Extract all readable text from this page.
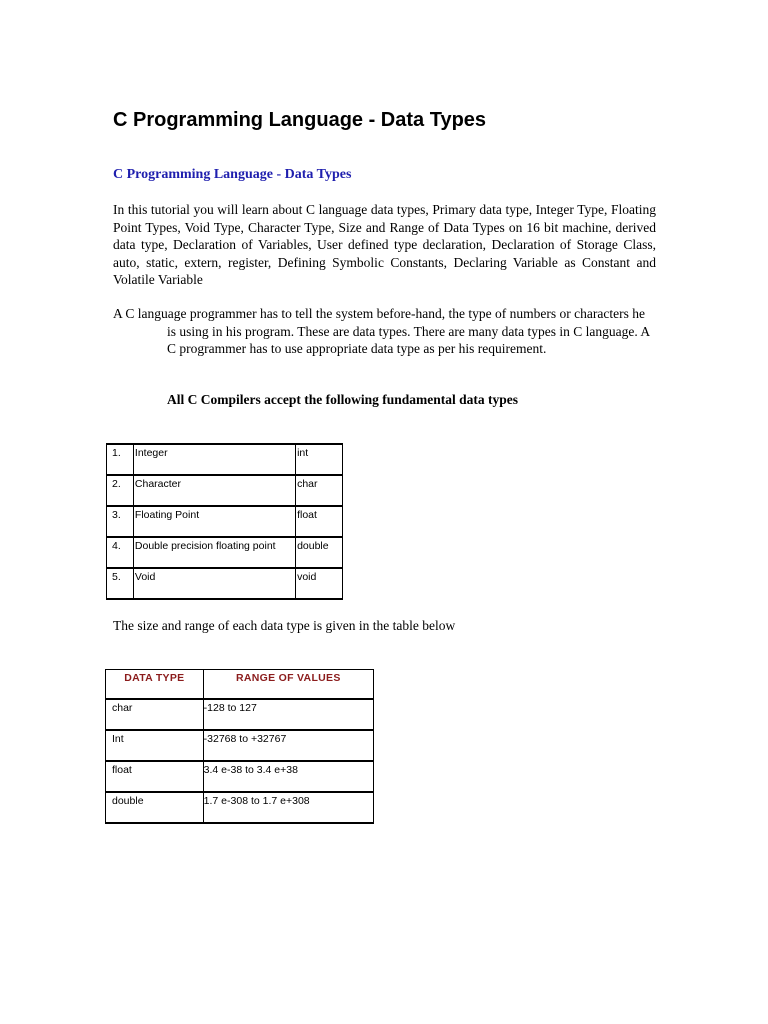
C Programming Language - Data Types
C Programming Language - Data Types

In this tutorial you will learn about C language data types, Primary data type, Integer Type, Floating Point Types, Void Type, Character Type, Size and Range of Data Types on 16 bit machine, derived data type, Declaration of Variables, User defined type declaration, Declaration of Storage Class, auto, static, extern, register, Defining Symbolic Constants, Declaring Variable as Constant and Volatile Variable

A C language programmer has to tell the system before-hand, the type of numbers or characters he is using in his program. These are data types. There are many data types in C language. A C programmer has to use appropriate data type as per his requirement.

All C Compilers accept the following fundamental data types

1.	Integer	int
2.	Character	char
3.	Floating Point	float
4.	Double precision floating point	double
5.	Void	void

The size and range of each data type is given in the table below

DATA TYPE	RANGE OF VALUES
char	-128 to 127
Int	-32768 to +32767
float	3.4 e-38 to 3.4 e+38
double	1.7 e-308 to 1.7 e+308
